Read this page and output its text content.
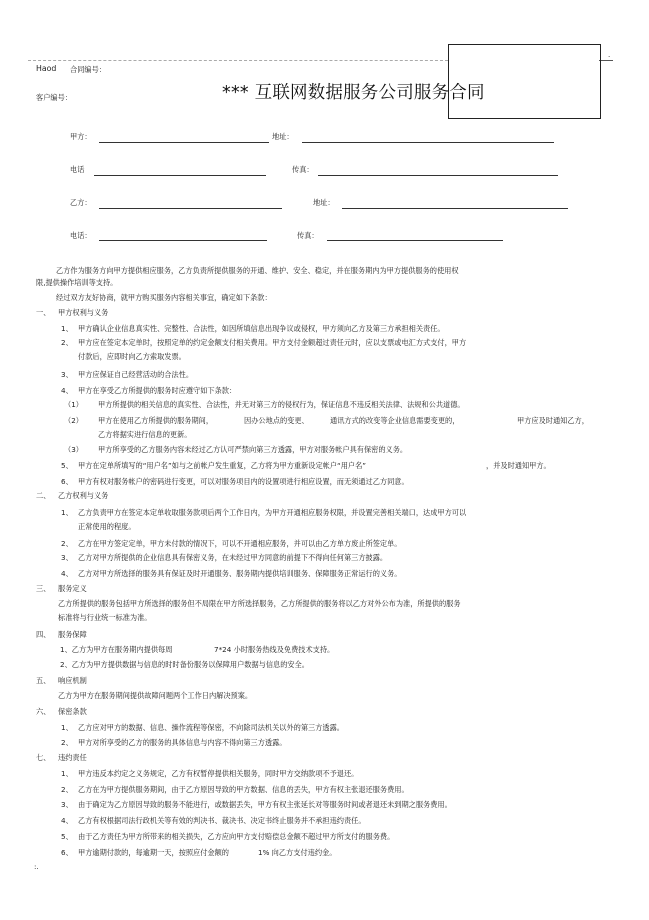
.
Haod 合同编号：
客户编号：	*** 互联网数据服务公司服务合同
甲方：	地址：
电话	传真：
乙方：	地址：
电话：	传真：
乙方作为服务方向甲方提供相应服务，乙方负责所提供服务的开通、维护、安全、稳定，并在服务期内为甲方提供服务的使用权
限,提供操作培训等支持。
经过双方友好协商，就甲方购买服务内容相关事宜，确定如下条款：
一、 甲方权利与义务
1、 甲方确认企业信息真实性、完整性、合法性，如因所填信息出现争议或侵权，甲方须向乙方及第三方承担相关责任。
2、 甲方应在签定本定单时，按照定单的约定金额支付相关费用。甲方支付金额超过责任元时，应以支票或电汇方式支付，甲方
付款后，应即时向乙方索取发票。
3、 甲方应保证自己经营活动的合法性。
4、 甲方在享受乙方所提供的服务时应遵守如下条款：
（1） 甲方所提供的相关信息的真实性、合法性，并无对第三方的侵权行为，保证信息不违反相关法律、法规和公共道德。
（2） 甲方在使用乙方所提供的服务期间，	因办公地点的变更、	通讯方式的改变等企业信息需要变更的，	甲方应及时通知乙方，
乙方将据实进行信息的更新。
（3） 甲方所享受的乙方服务内容未经过乙方认可严禁向第三方透露，甲方对服务帐户具有保密的义务。
5、 甲方在定单所填写的“用户名”如与之前帐户发生重复，乙方将为甲方重新设定帐户“用户名”	，并及时通知甲方。
6、 甲方有权对服务帐户的密码进行变更，可以对服务项目内的设置项进行相应设置，而无须通过乙方同意。
二、 乙方权利与义务
1、 乙方负责甲方在签定本定单收取服务款项后两个工作日内，为甲方开通相应服务权限，并设置完善相关端口，达成甲方可以
正常使用的程度。
2、 乙方在甲方签定定单，甲方未付款的情况下，可以不开通相应服务，并可以由乙方单方废止所签定单。
3、 乙方对甲方所提供的企业信息具有保密义务，在未经过甲方同意的前提下不得向任何第三方披露。
4、 乙方对甲方所选择的服务具有保证及时开通服务、服务期内提供培训服务、保障服务正常运行的义务。
三、 服务定义
乙方所提供的服务包括甲方所选择的服务但不局限在甲方所选择服务，乙方所提供的服务将以乙方对外公布为准，所提供的服务
标准将与行业统一标准为准。
四、 服务保障
1、乙方为甲方在服务期内提供每周	7*24 小时服务热线及免费技术支持。
2、乙方为甲方提供数据与信息的时时备份服务以保障用户数据与信息的安全。
五、 响应机制
乙方为甲方在服务期间提供故障问题两个工作日内解决预案。
六、 保密条款
1、 乙方应对甲方的数据、信息、操作流程等保密，不向除司法机关以外的第三方透露。
2、 甲方对所享受的乙方的服务的具体信息与内容不得向第三方透露。
七、 违约责任
1、 甲方违反本约定之义务规定，乙方有权暂停提供相关服务，同时甲方交纳款项不予退还。
2、 乙方在为甲方提供服务期间，由于乙方原因导致的甲方数据、信息的丢失，甲方有权主张退还服务费用。
3、 由于确定为乙方原因导致的服务不能进行，或数据丢失，甲方有权主张延长对等服务时间或者退还未到期之服务费用。
4、 乙方有权根据司法行政机关等有效的判决书、裁决书、决定书终止服务并不承担违约责任。
5、 由于乙方责任为甲方所带来的相关损失，乙方应向甲方支付赔偿总金额不超过甲方所支付的服务费。
6、 甲方逾期付款的，每逾期一天，按照应付金额的	1% 向乙方支付违约金。
:.
